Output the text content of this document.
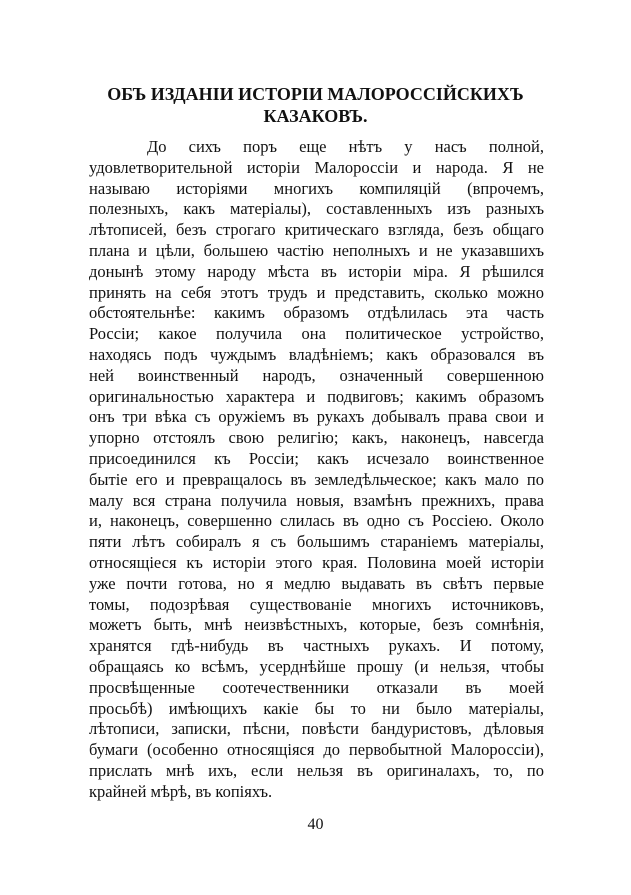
ОБЪ ИЗДАНІИ ИСТОРІИ МАЛОРОССІЙСКИХЪ
КАЗАКОВЪ.
До сихъ поръ еще нѣтъ у насъ полной,
удовлетворительной исторіи Малороссіи и народа. Я не
называю исторіями многихъ компиляцій (впрочемъ,
полезныхъ, какъ матеріалы), составленныхъ изъ разныхъ
лѣтописей, безъ строгаго критическаго взгляда, безъ общаго
плана и цѣли, большею частію неполныхъ и не указавшихъ
донынѣ этому народу мѣста въ исторіи міра. Я рѣшился
принять на себя этотъ трудъ и представить, сколько можно
обстоятельнѣе: какимъ образомъ отдѣлилась эта часть
Россіи; какое получила она политическое устройство,
находясь подъ чуждымъ владѣніемъ; какъ образовался въ
ней воинственный народъ, означенный совершенною
оригинальностью характера и подвиговъ; какимъ образомъ
онъ три вѣка съ оружіемъ въ рукахъ добывалъ права свои и
упорно отстоялъ свою религію; какъ, наконецъ, навсегда
присоединился къ Россіи; какъ исчезало воинственное
бытіе его и превращалось въ земледѣльческое; какъ мало по
малу вся страна получила новыя, взамѣнъ прежнихъ, права
и, наконецъ, совершенно слилась въ одно съ Россіею. Около
пяти лѣтъ собиралъ я съ большимъ стараніемъ матеріалы,
относящіеся къ исторіи этого края. Половина моей исторіи
уже почти готова, но я медлю выдавать въ свѣтъ первые
томы, подозрѣвая существованіе многихъ источниковъ,
можетъ быть, мнѣ неизвѣстныхъ, которые, безъ сомнѣнія,
хранятся гдѣ-нибудь въ частныхъ рукахъ. И потому,
обращаясь ко всѣмъ, усерднѣйше прошу (и нельзя, чтобы
просвѣщенные соотечественники отказали въ моей
просьбѣ) имѣющихъ какіе бы то ни было матеріалы,
лѣтописи, записки, пѣсни, повѣсти бандуристовъ, дѣловыя
бумаги (особенно относящіяся до первобытной Малороссіи),
прислать мнѣ ихъ, если нельзя въ оригиналахъ, то, по
крайней мѣрѣ, въ копіяхъ.
40
